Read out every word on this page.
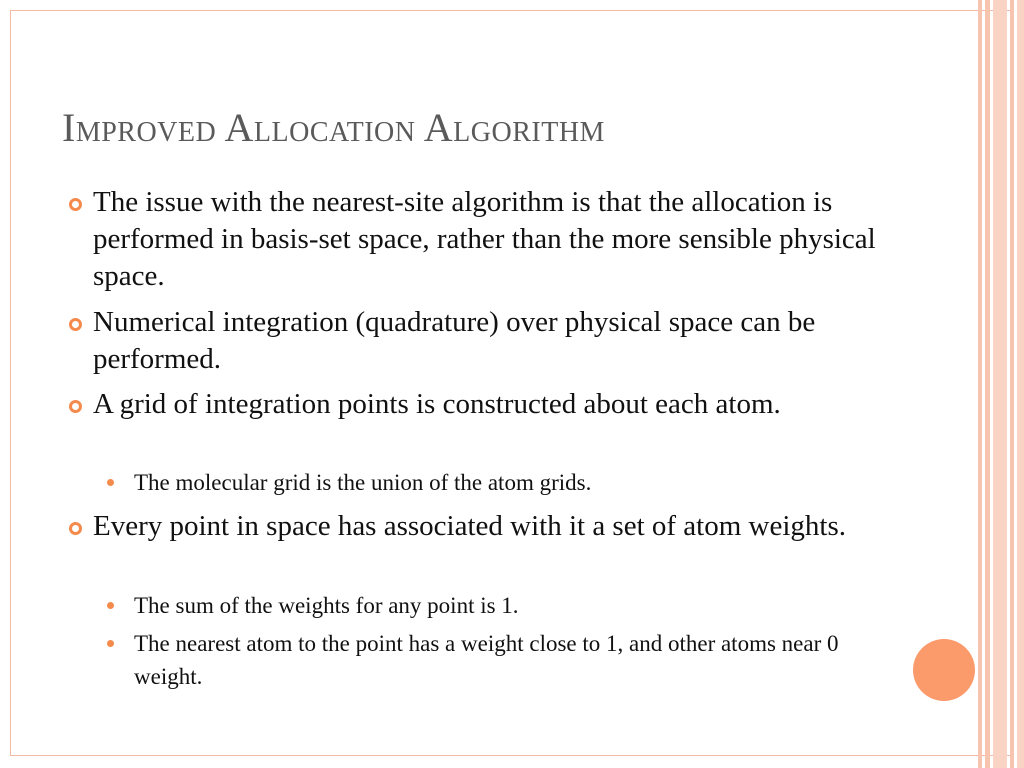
Improved Allocation Algorithm
The issue with the nearest-site algorithm is that the allocation is performed in basis-set space, rather than the more sensible physical space.
Numerical integration (quadrature) over physical space can be performed.
A grid of integration points is constructed about each atom.
The molecular grid is the union of the atom grids.
Every point in space has associated with it a set of atom weights.
The sum of the weights for any point is 1.
The nearest atom to the point has a weight close to 1, and other atoms near 0 weight.
